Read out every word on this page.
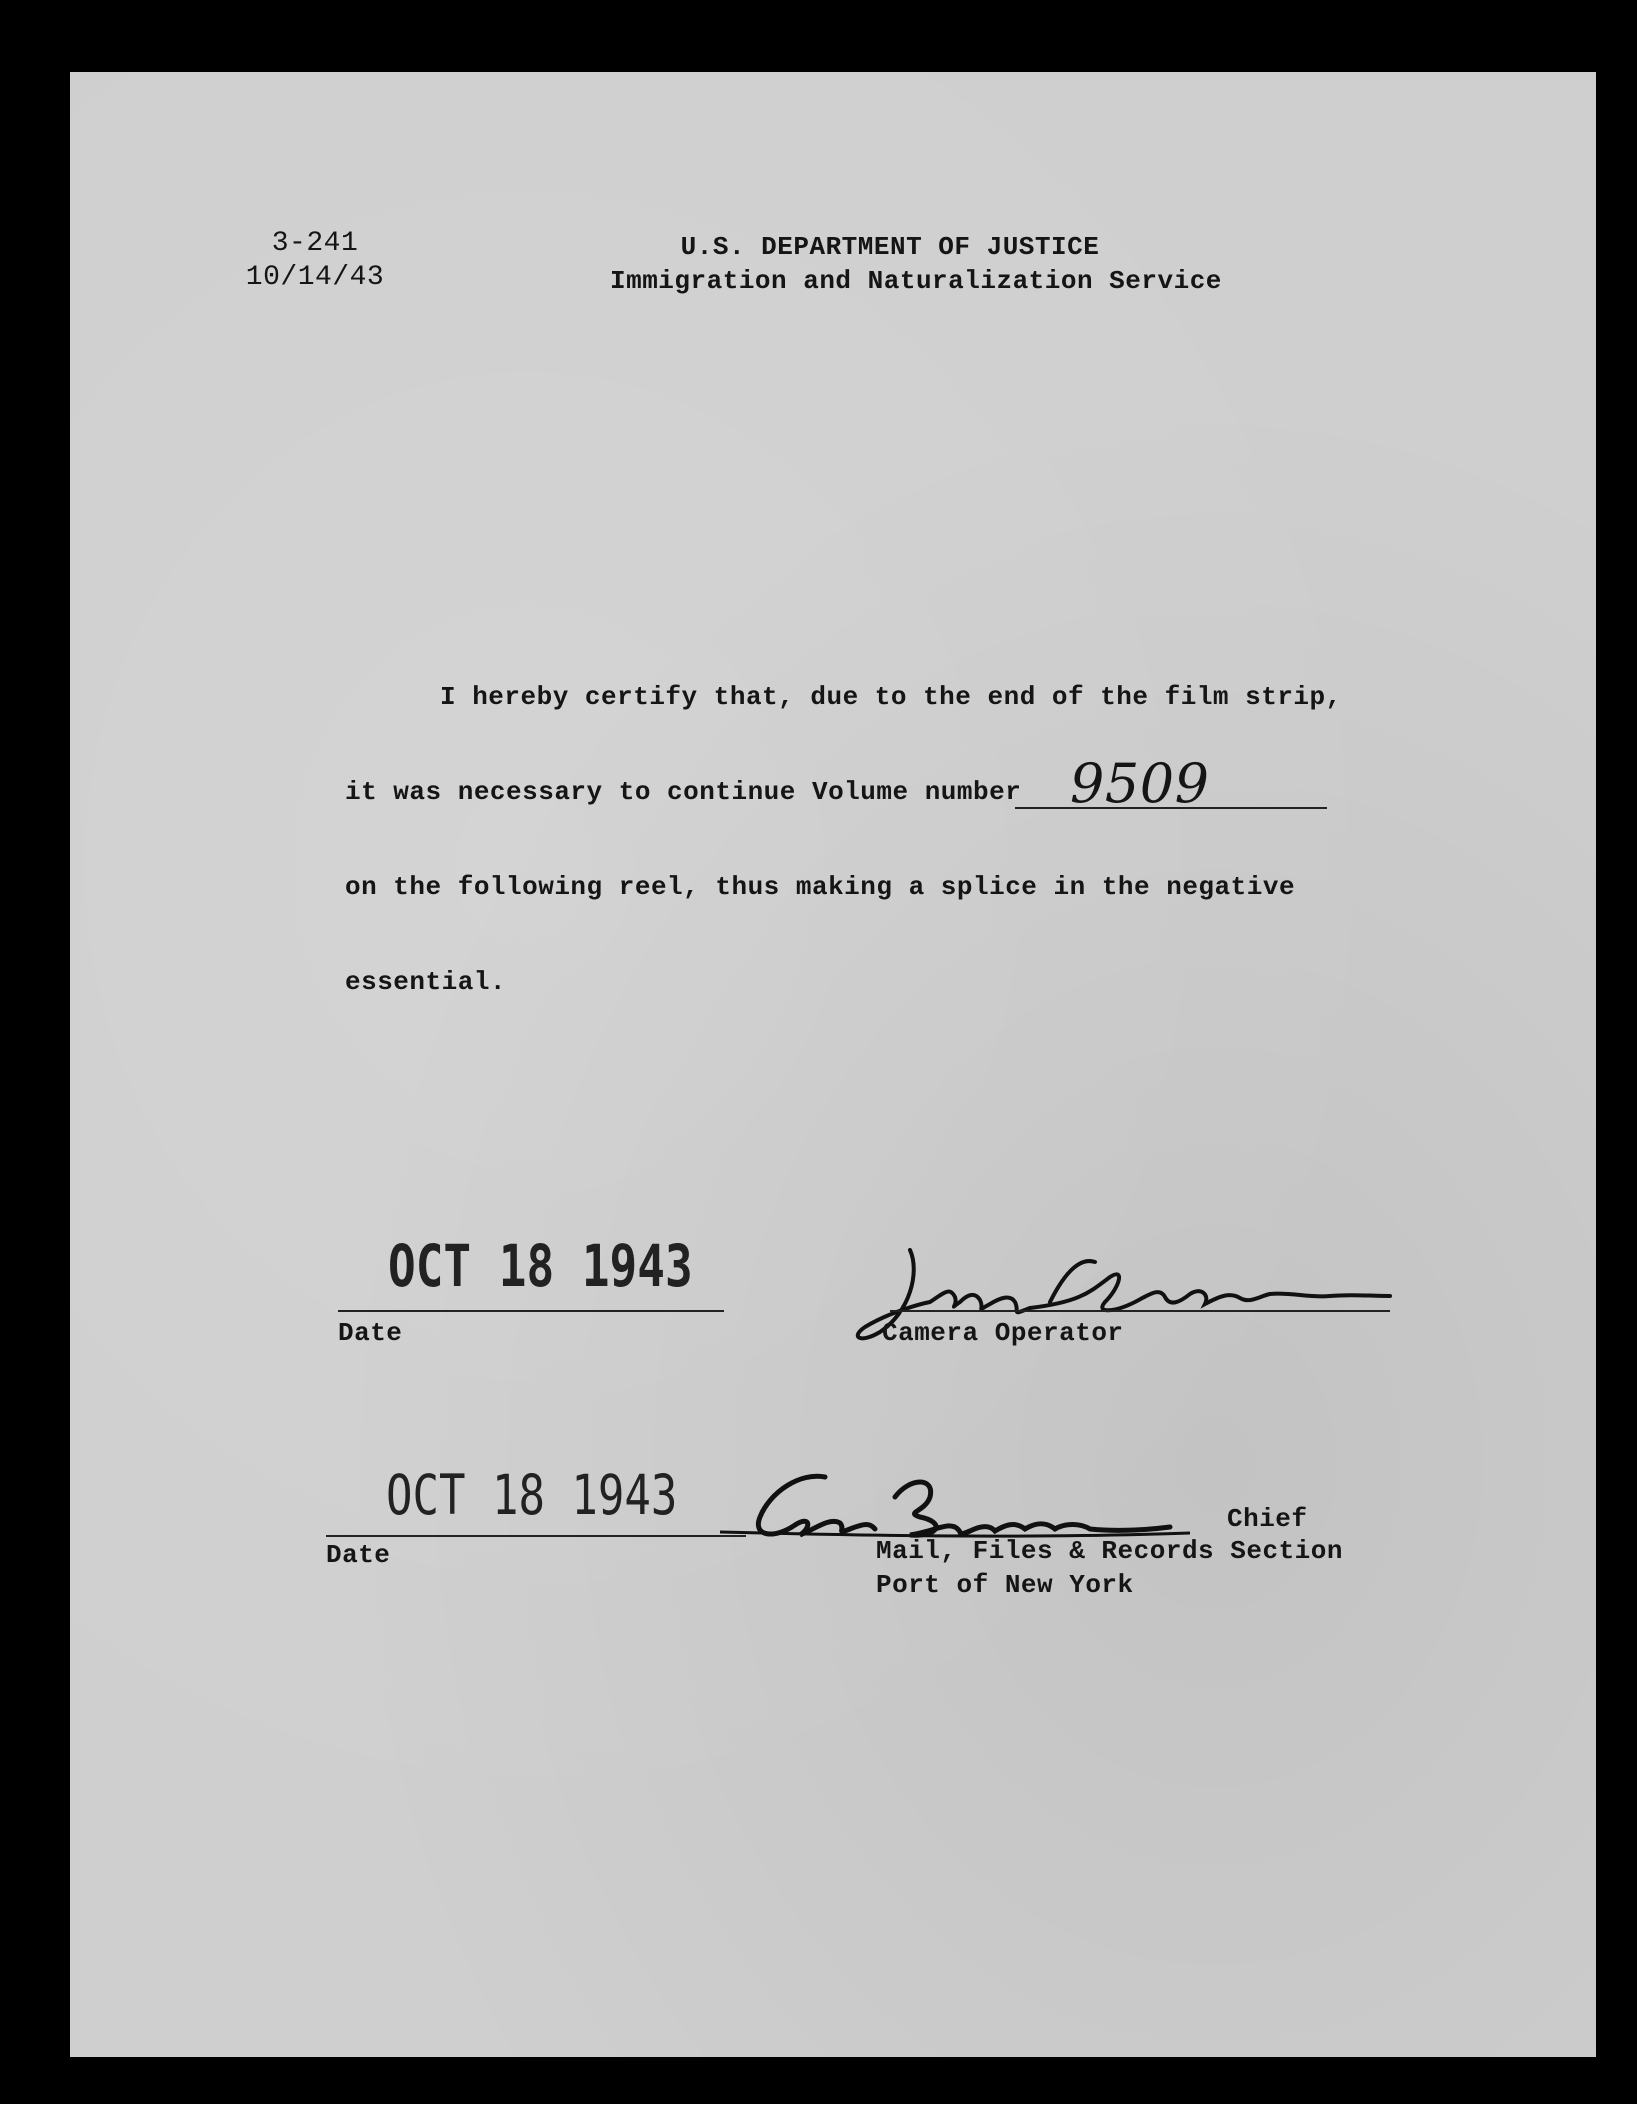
3-241
10/14/43
U.S. DEPARTMENT OF JUSTICE
Immigration and Naturalization Service
I hereby certify that, due to the end of the film strip,
it was necessary to continue Volume number 9509
on the following reel, thus making a splice in the negative
essential.
OCT 18 1943
Date	Camera Operator
OCT 18 1943
Date
Chief
Mail, Files & Records Section
Port of New York
